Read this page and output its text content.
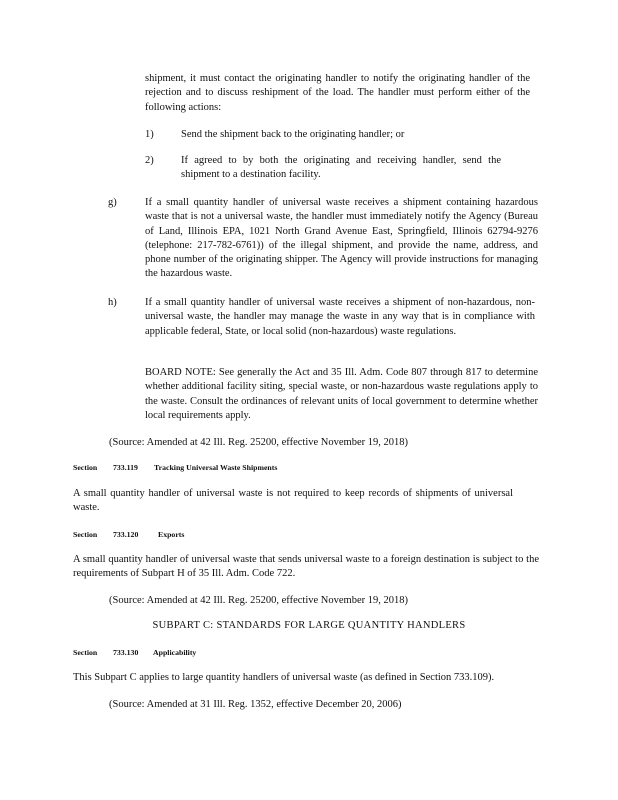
shipment, it must contact the originating handler to notify the originating handler of the rejection and to discuss reshipment of the load. The handler must perform either of the following actions:
1)	Send the shipment back to the originating handler; or
2)	If agreed to by both the originating and receiving handler, send the shipment to a destination facility.
g)	If a small quantity handler of universal waste receives a shipment containing hazardous waste that is not a universal waste, the handler must immediately notify the Agency (Bureau of Land, Illinois EPA, 1021 North Grand Avenue East, Springfield, Illinois 62794-9276 (telephone: 217-782-6761)) of the illegal shipment, and provide the name, address, and phone number of the originating shipper. The Agency will provide instructions for managing the hazardous waste.
h)	If a small quantity handler of universal waste receives a shipment of non-hazardous, non-universal waste, the handler may manage the waste in any way that is in compliance with applicable federal, State, or local solid (non-hazardous) waste regulations.
BOARD NOTE: See generally the Act and 35 Ill. Adm. Code 807 through 817 to determine whether additional facility siting, special waste, or non-hazardous waste regulations apply to the waste. Consult the ordinances of relevant units of local government to determine whether local requirements apply.
(Source: Amended at 42 Ill. Reg. 25200, effective November 19, 2018)
Section 733.119 Tracking Universal Waste Shipments
A small quantity handler of universal waste is not required to keep records of shipments of universal waste.
Section 733.120	Exports
A small quantity handler of universal waste that sends universal waste to a foreign destination is subject to the requirements of Subpart H of 35 Ill. Adm. Code 722.
(Source: Amended at 42 Ill. Reg. 25200, effective November 19, 2018)
SUBPART C: STANDARDS FOR LARGE QUANTITY HANDLERS
Section 733.130 Applicability
This Subpart C applies to large quantity handlers of universal waste (as defined in Section 733.109).
(Source: Amended at 31 Ill. Reg. 1352, effective December 20, 2006)
